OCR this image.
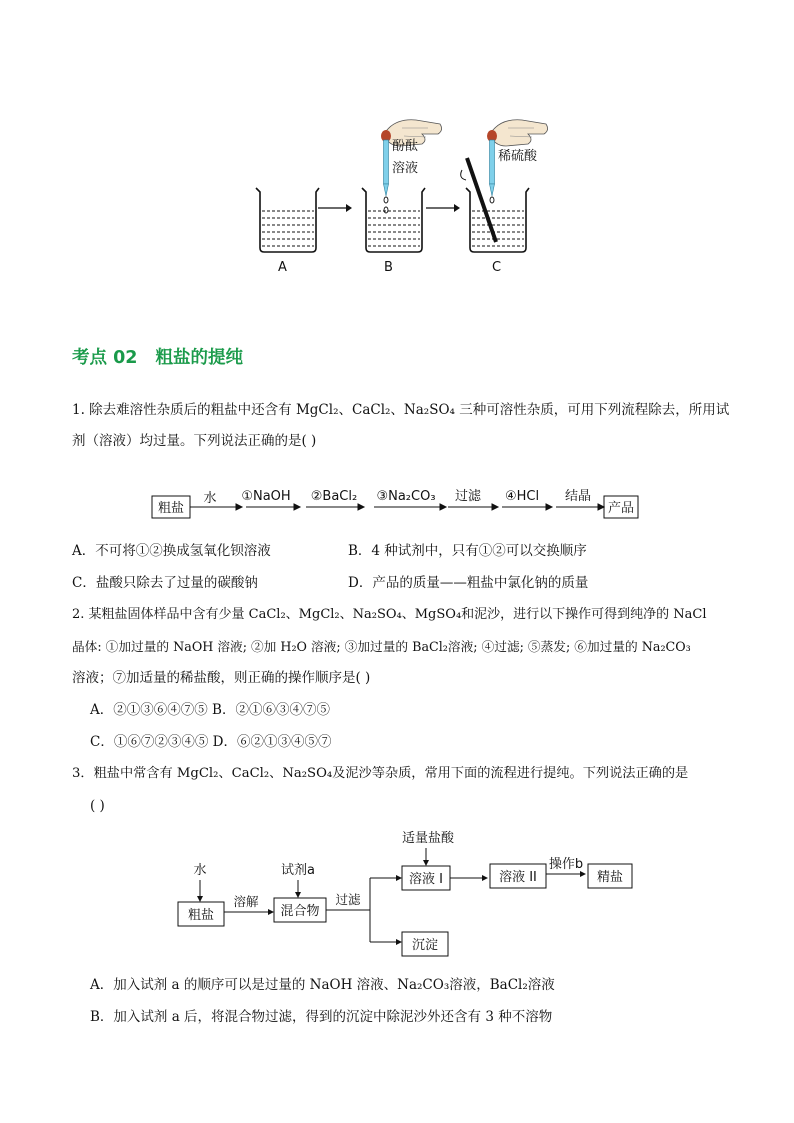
酚酞
溶液
稀硫酸
A	B	C
考点 02 粗盐的提纯
1. 除去难溶性杂质后的粗盐中还含有 MgCl₂、CaCl₂、Na₂SO₄ 三种可溶性杂质，可用下列流程除去，所用试
剂（溶液）均过量。下列说法正确的是( )
粗盐
水 ①NaOH ②BaCl₂ ③Na₂CO₃ 过滤 ④HCl 结晶
产品
A．不可将①②换成氢氧化钡溶液	B．4 种试剂中，只有①②可以交换顺序
C．盐酸只除去了过量的碳酸钠	D．产品的质量——粗盐中氯化钠的质量
2. 某粗盐固体样品中含有少量 CaCl₂、MgCl₂、Na₂SO₄、MgSO₄和泥沙，进行以下操作可得到纯净的 NaCl
晶体: ①加过量的 NaOH 溶液; ②加 H₂O 溶液; ③加过量的 BaCl₂溶液; ④过滤; ⑤蒸发; ⑥加过量的 Na₂CO₃
溶液；⑦加适量的稀盐酸，则正确的操作顺序是( )
A．②①③⑥④⑦⑤ B．②①⑥③④⑦⑤
C．①⑥⑦②③④⑤ D．⑥②①③④⑤⑦
3．粗盐中常含有 MgCl₂、CaCl₂、Na₂SO₄及泥沙等杂质，常用下面的流程进行提纯。下列说法正确的是
( )
水
粗盐
溶解
试剂a
混合物
过滤
适量盐酸
溶液 I	溶液 II
操作b
精盐
沉淀
A．加入试剂 a 的顺序可以是过量的 NaOH 溶液、Na₂CO₃溶液，BaCl₂溶液
B．加入试剂 a 后，将混合物过滤，得到的沉淀中除泥沙外还含有 3 种不溶物
